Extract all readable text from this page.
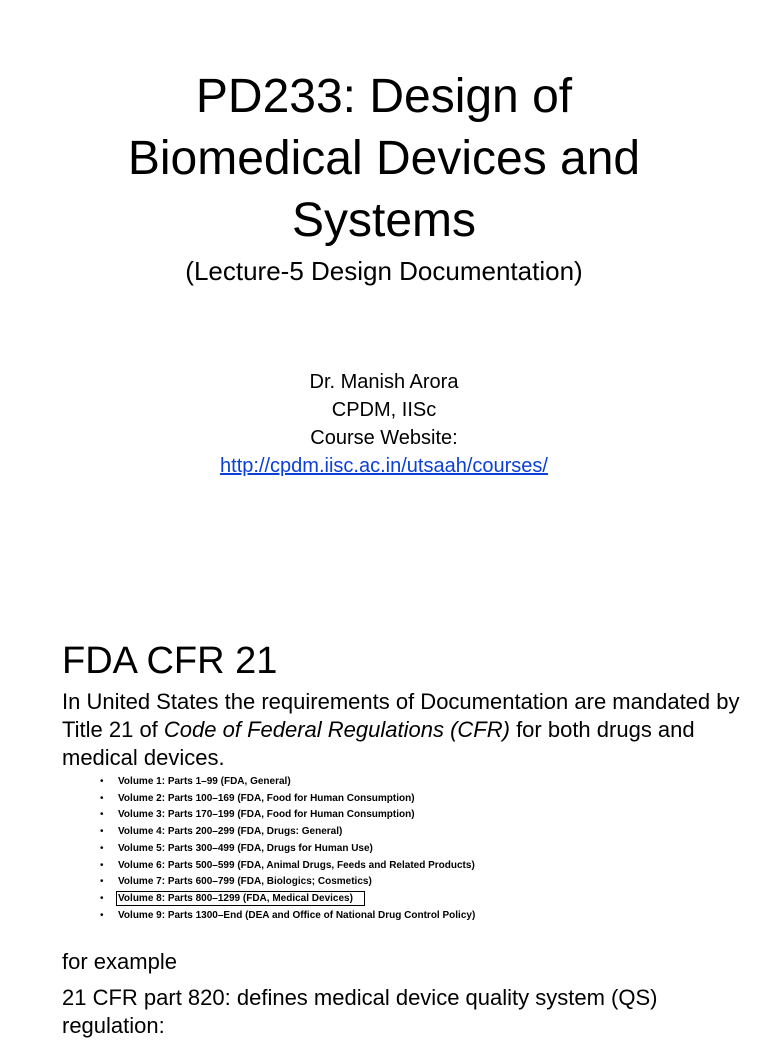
PD233: Design of
Biomedical Devices and
Systems
(Lecture-5 Design Documentation)
Dr. Manish Arora
CPDM, IISc
Course Website:
http://cpdm.iisc.ac.in/utsaah/courses/
FDA CFR 21
In United States the requirements of Documentation are mandated by Title 21 of Code of Federal Regulations (CFR) for both drugs and medical devices.
• Volume 1: Parts 1–99 (FDA, General)
• Volume 2: Parts 100–169 (FDA, Food for Human Consumption)
• Volume 3: Parts 170–199 (FDA, Food for Human Consumption)
• Volume 4: Parts 200–299 (FDA, Drugs: General)
• Volume 5: Parts 300–499 (FDA, Drugs for Human Use)
• Volume 6: Parts 500–599 (FDA, Animal Drugs, Feeds and Related Products)
• Volume 7: Parts 600–799 (FDA, Biologics; Cosmetics)
• Volume 8: Parts 800–1299 (FDA, Medical Devices)
• Volume 9: Parts 1300–End (DEA and Office of National Drug Control Policy)
for example
21 CFR part 820: defines medical device quality system (QS) regulation:
